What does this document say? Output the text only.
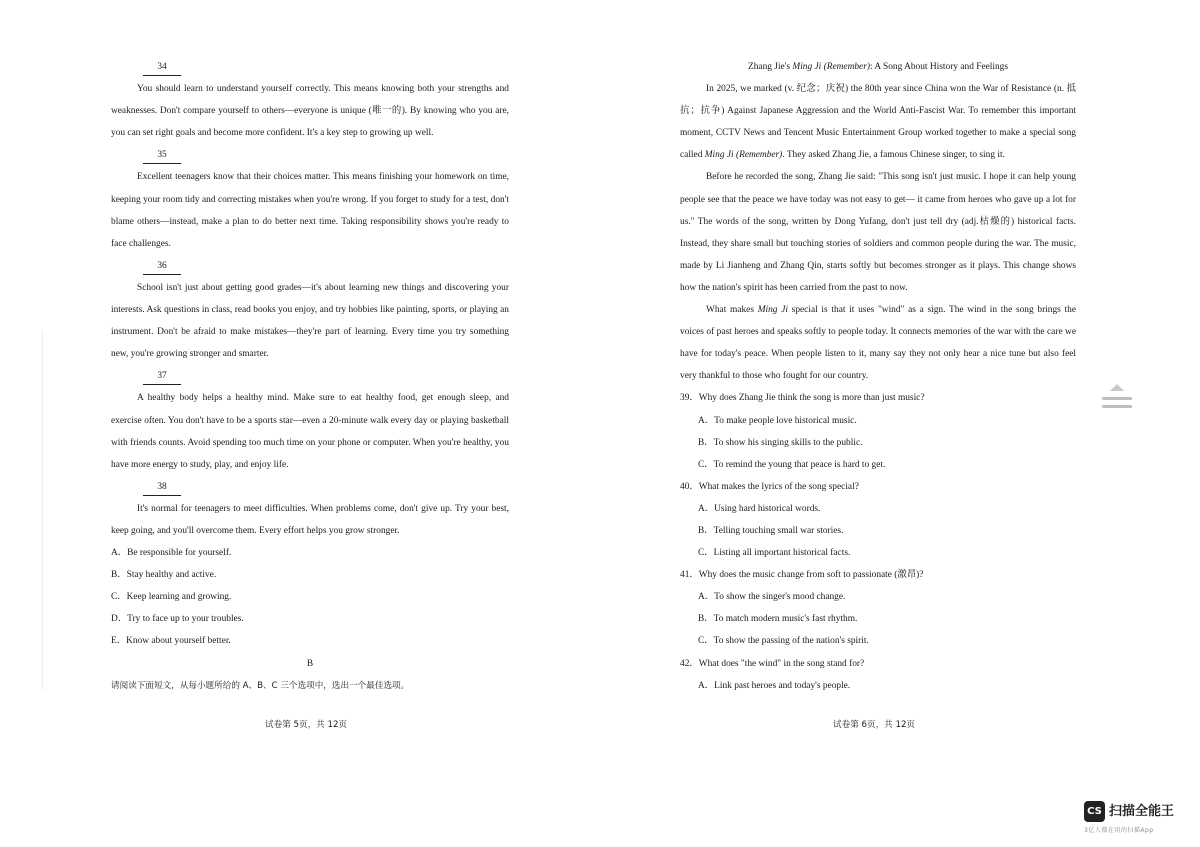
34

You should learn to understand yourself correctly. This means knowing both your strengths and weaknesses. Don't compare yourself to others—everyone is unique (唯一的). By knowing who you are, you can set right goals and become more confident. It's a key step to growing up well.

35

Excellent teenagers know that their choices matter. This means finishing your homework on time, keeping your room tidy and correcting mistakes when you're wrong. If you forget to study for a test, don't blame others—instead, make a plan to do better next time. Taking responsibility shows you're ready to face challenges.

36

School isn't just about getting good grades—it's about learning new things and discovering your interests. Ask questions in class, read books you enjoy, and try hobbies like painting, sports, or playing an instrument. Don't be afraid to make mistakes—they're part of learning. Every time you try something new, you're growing stronger and smarter.

37

A healthy body helps a healthy mind. Make sure to eat healthy food, get enough sleep, and exercise often. You don't have to be a sports star—even a 20-minute walk every day or playing basketball with friends counts. Avoid spending too much time on your phone or computer. When you're healthy, you have more energy to study, play, and enjoy life.

38

It's normal for teenagers to meet difficulties. When problems come, don't give up. Try your best, keep going, and you'll overcome them. Every effort helps you grow stronger.

A．Be responsible for yourself.

B．Stay healthy and active.

C．Keep learning and growing.

D．Try to face up to your troubles.

E．Know about yourself better.

B

请阅读下面短文，从每小题所给的 A、B、C 三个选项中，选出一个最佳选项。

试卷第 5页，共 12页

Zhang Jie's Ming Ji (Remember): A Song About History and Feelings

In 2025, we marked (v. 纪念；庆祝) the 80th year since China won the War of Resistance (n. 抵抗；抗争) Against Japanese Aggression and the World Anti-Fascist War. To remember this important moment, CCTV News and Tencent Music Entertainment Group worked together to make a special song called Ming Ji (Remember). They asked Zhang Jie, a famous Chinese singer, to sing it.

Before he recorded the song, Zhang Jie said: "This song isn't just music. I hope it can help young people see that the peace we have today was not easy to get— it came from heroes who gave up a lot for us." The words of the song, written by Dong Yufang, don't just tell dry (adj.枯燥的) historical facts. Instead, they share small but touching stories of soldiers and common people during the war. The music, made by Li Jianheng and Zhang Qin, starts softly but becomes stronger as it plays. This change shows how the nation's spirit has been carried from the past to now.

What makes Ming Ji special is that it uses "wind" as a sign. The wind in the song brings the voices of past heroes and speaks softly to people today. It connects memories of the war with the care we have for today's peace. When people listen to it, many say they not only hear a nice tune but also feel very thankful to those who fought for our country.

39．Why does Zhang Jie think the song is more than just music?

A．To make people love historical music.

B．To show his singing skills to the public.

C．To remind the young that peace is hard to get.

40．What makes the lyrics of the song special?

A．Using hard historical words.

B．Telling touching small war stories.

C．Listing all important historical facts.

41．Why does the music change from soft to passionate (激昂)?

A．To show the singer's mood change.

B．To match modern music's fast rhythm.

C．To show the passing of the nation's spirit.

42．What does "the wind" in the song stand for?

A．Link past heroes and today's people.

试卷第 6页，共 12页
CS 扫描全能王
3亿人都在用的扫描App
